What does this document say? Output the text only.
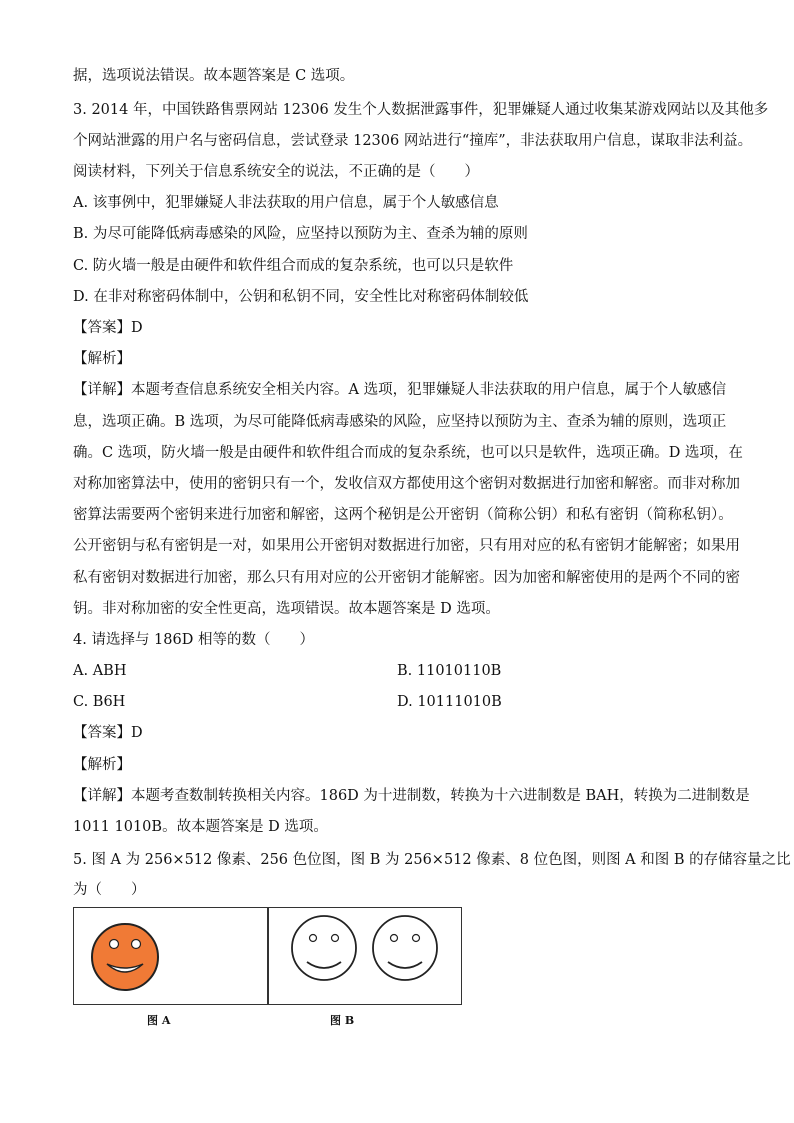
据，选项说法错误。故本题答案是 C 选项。
3. 2014 年，中国铁路售票网站 12306 发生个人数据泄露事件，犯罪嫌疑人通过收集某游戏网站以及其他多
个网站泄露的用户名与密码信息，尝试登录 12306 网站进行“撞库”，非法获取用户信息，谋取非法利益。
阅读材料，下列关于信息系统安全的说法，不正确的是（　　）
A. 该事例中，犯罪嫌疑人非法获取的用户信息，属于个人敏感信息
B. 为尽可能降低病毒感染的风险，应坚持以预防为主、查杀为辅的原则
C. 防火墙一般是由硬件和软件组合而成的复杂系统，也可以只是软件
D. 在非对称密码体制中，公钥和私钥不同，安全性比对称密码体制较低
【答案】D
【解析】
【详解】本题考查信息系统安全相关内容。A 选项，犯罪嫌疑人非法获取的用户信息，属于个人敏感信
息，选项正确。B 选项，为尽可能降低病毒感染的风险，应坚持以预防为主、查杀为辅的原则，选项正
确。C 选项，防火墙一般是由硬件和软件组合而成的复杂系统，也可以只是软件，选项正确。D 选项，在
对称加密算法中，使用的密钥只有一个，发收信双方都使用这个密钥对数据进行加密和解密。而非对称加
密算法需要两个密钥来进行加密和解密，这两个秘钥是公开密钥（简称公钥）和私有密钥（简称私钥）。
公开密钥与私有密钥是一对，如果用公开密钥对数据进行加密，只有用对应的私有密钥才能解密；如果用
私有密钥对数据进行加密，那么只有用对应的公开密钥才能解密。因为加密和解密使用的是两个不同的密
钥。非对称加密的安全性更高，选项错误。故本题答案是 D 选项。
4. 请选择与 186D 相等的数（　　）
A. ABH	B. 11010110B
C. B6H	D. 10111010B
【答案】D
【解析】
【详解】本题考查数制转换相关内容。186D 为十进制数，转换为十六进制数是 BAH，转换为二进制数是
1011 1010B。故本题答案是 D 选项。
5. 图 A 为 256×512 像素、256 色位图，图 B 为 256×512 像素、8 位色图，则图 A 和图 B 的存储容量之比
为（　　）
图 A	图 B
